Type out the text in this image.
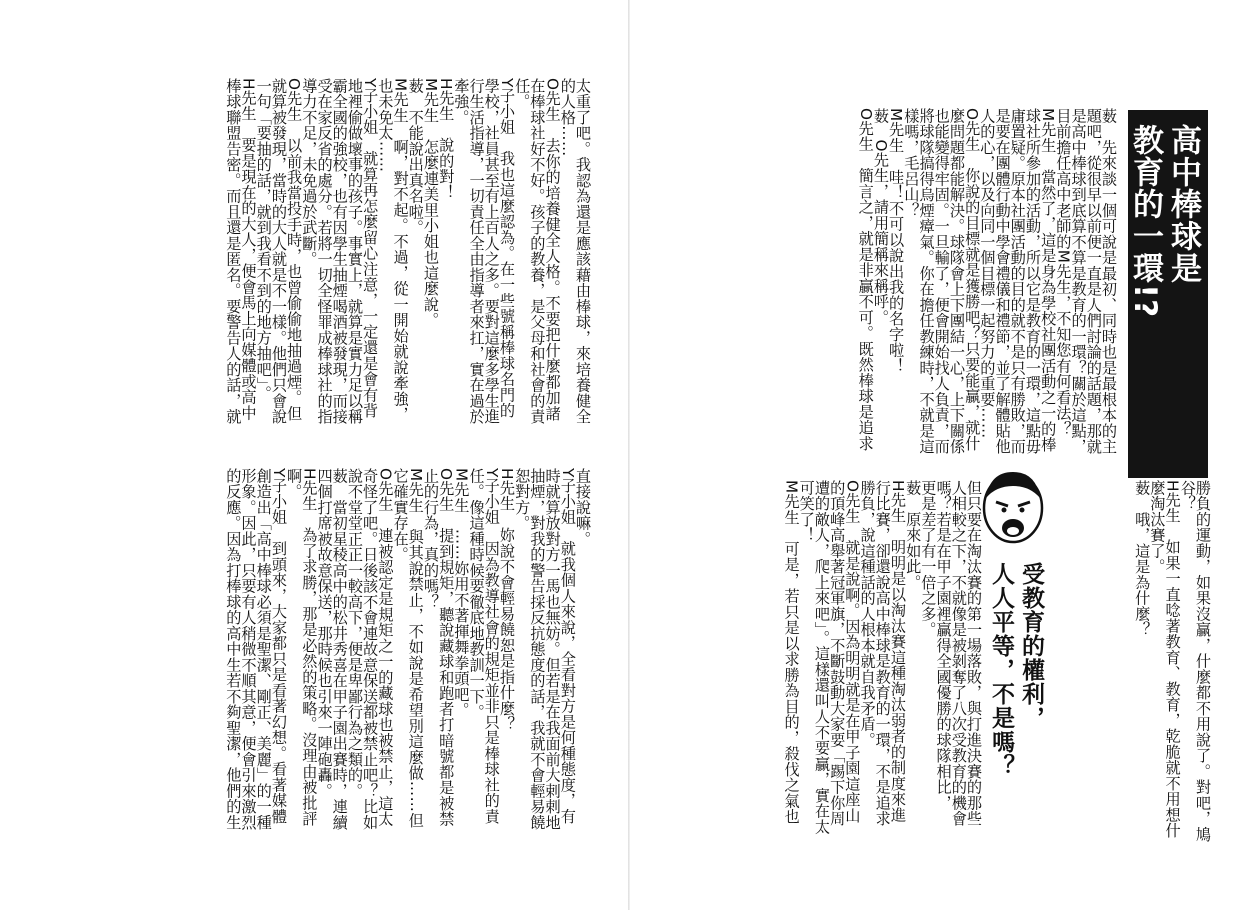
高中棒球是
教育的一環!?
薮　先來談一個可說是最初、同時也是最根本的主
題吧，從很早以前便一直是人們討論的話題，那就
是高中棒球到底算不算是教育的一環？關於這點，
目前擔任高中老師的M先生，不知您有何看法？
M先生　當然了，這是身為學校社團活動之一的棒
球社所參加的活動，所以它是教育的一環，這點毋
庸置疑。原本社團活動的目的就不是只有勝敗，而
是要在團體行動中學會禮儀和禮節，並了解體貼他
人的心，以及向同一個目標一起努力的重要……
O先生　你說的目標就是獲勝吧？只要能贏，就什
麼問題都能解決。球隊會上下團結一心，上下關係
也能變得牢固。一旦輸了，便會開始找人負責，而
將球隊搞得烏煙瘴氣。你在擔任教練時，不就是這
樣嗎，毛呂山？
M先生　哇！不可以說出我的名字啦！
薮　O先生，請用簡稱來稱呼。
O先生　簡言之，就是非贏不可。既然棒球是追求
勝負的運動，如果沒贏，什麼都不用說了。對吧，鳩
谷？
H先生　如果一直唸著教育、教育，乾脆就不用想什
麼淘汰賽了。
薮　哦，這是為什麼？
受教育的權利，
人人平等，不是嗎？
但只要在淘汰賽的第一場落敗，與打進決賽的那些
人相較之下，不就像是被剝奪了八次受教育的機會
嗎？若是在甲子園裡贏得全國優勝的球隊相比，
更是差了有一倍之多。
薮　原來如此。
H先生　明明是以淘汰賽這種淘汰弱者的制度來進
行比賽，卻還說高中棒球是教育的一環，不是追求
勝負，說這種話的人根本就自我矛盾。
O先生　就是說啊。因為明明就是在甲子園這座山
的頂峰高舉著冠軍旗，不斷鼓動大家要「踢下你周
遭的敵人，爬上來吧」。這樣還叫人不要贏，實在太
可笑了！
M先生　可是，若只是以求勝為目的，殺伐之氣也
太重了吧。我認為還是應該藉由棒球，來培養健全
的人格……
O先生　去你的培養健全人格。不要把什麼都加諸
在棒球社好不好。孩子的教養，是父母和社會的責
任。
Y子小姐　我也這麼認為。在一些號稱棒球名門的
學校，社員甚至有上百人之多。要對這麼多學生進
行生活指導，一切責任全由指導者來扛，實在過於
牽強。
H先生　說的對！
M先生　怎麼連美里小姐也這麼說。
薮　不能說出真名啦。
M先生　啊，對不起。不過，從一開始就說牽強，
也未免太……
Y子小姐　就算再怎麼留心注意，一定還是會有背
地裡偷做壞事的孩子。事實上，就算是實力足以稱
霸全國的強校，也有因學生抽煙喝酒被發現，而接
受在家反省的處分。若將一切全怪罪成棒球社的指
導力不足，未免過於武斷。
O先生　以前我當投手時，也曾偷偷地抽過煙。但
就算被發現，當時的大人就是不一樣。他們只會說
一句「要抽的話，就到我看不到的地方抽吧」。
H先生　要是現在的大人，便會馬上向媒體或高中
棒球聯盟告密。而且還是匿名。要警告人的話，就
直接說嘛。
Y子小姐　就我個人來說，全看對方是何種態度，有
時就算放對方一馬也無妨。但若是在我面前大剌剌地
抽煙，對我的警告採反抗態度的話，我就不會輕易饒
恕對方。
H先生　妳說不會輕易饒恕是指什麼？
Y子小姐　因為教導社會的規矩並非只是棒球社的責
任。像這種時候要徹底地教訓一下。
M先生　……妳用不著揮舞拳頭吧。
O先生　提到規矩，聽說藏球和跑者打暗號都是被禁
止的行為，真的嗎？
M先生　與其說禁止，不如說是希望別這麼做……但
它確實存在。
O先生　連被認定是規矩之一的藏球也被禁止，這太
奇怪了吧。日後該不會連故意保送都被禁止吧？比如
說不堂堂正正一較高下，便是卑鄙行為之類的。
薮　當初星稜高中的松井秀喜在甲子園出賽時，連續
四個打席被故意保送，那時候也引來一陣砲轟。
H先生　為了求勝，那是必然的策略。沒理由被批評
啊。
Y子小姐　到頭來，大家都只是看著幻想。看著媒體
創造出「高中棒球必須是聖潔、剛正、美麗」的一種
形象。因此，只要有人稍微不順其意，便會引來激烈
的反應。因為打棒球的高中生若不夠聖潔，他們的生
